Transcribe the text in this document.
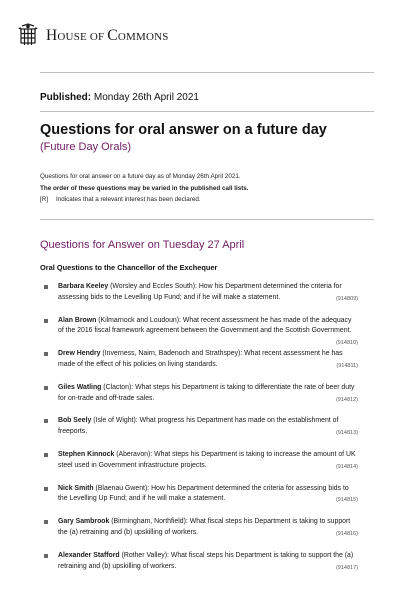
HOUSE OF COMMONS
Published: Monday 26th April 2021
Questions for oral answer on a future day
(Future Day Orals)
Questions for oral answer on a future day as of Monday 26th April 2021.
The order of these questions may be varied in the published call lists.
[R] Indicates that a relevant interest has been declared.
Questions for Answer on Tuesday 27 April
Oral Questions to the Chancellor of the Exchequer
Barbara Keeley (Worsley and Eccles South): How his Department determined the criteria for assessing bids to the Levelling Up Fund; and if he will make a statement.	(914809)
Alan Brown (Kilmarnock and Loudoun): What recent assessment he has made of the adequacy of the 2016 fiscal framework agreement between the Government and the Scottish Government.
(914810)
Drew Hendry (Inverness, Nairn, Badenoch and Strathspey): What recent assessment he has made of the effect of his policies on living standards.	(914811)
Giles Watling (Clacton): What steps his Department is taking to differentiate the rate of beer duty for on-trade and off-trade sales.	(914812)
Bob Seely (Isle of Wight): What progress his Department has made on the establishment of freeports.	(914813)
Stephen Kinnock (Aberavon): What steps his Department is taking to increase the amount of UK steel used in Government infrastructure projects.	(914814)
Nick Smith (Blaenau Gwent): How his Department determined the criteria for assessing bids to the Levelling Up Fund; and if he will make a statement.	(914815)
Gary Sambrook (Birmingham, Northfield): What fiscal steps his Department is taking to support the (a) retraining and (b) upskilling of workers.	(914816)
Alexander Stafford (Rother Valley): What fiscal steps his Department is taking to support the (a) retraining and (b) upskilling of workers.	(914817)
